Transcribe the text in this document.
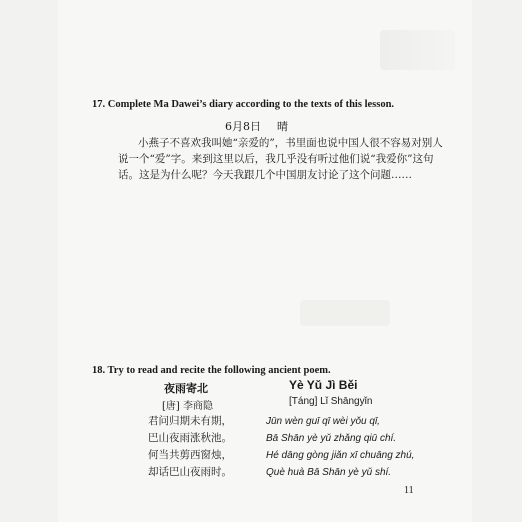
17. Complete Ma Dawei’s diary according to the texts of this lesson.
6月8日 晴
小燕子不喜欢我叫她“亲爱的”，书里面也说中国人很不容易对别人
说一个“爱”字。来到这里以后，我几乎没有听过他们说“我爱你”这句
话。这是为什么呢？今天我跟几个中国朋友讨论了这个问题……
18. Try to read and recite the following ancient poem.
夜雨寄北	Yè Yǔ Jì Běi
[唐] 李商隐	[Táng] Lǐ Shāngyǐn
君问归期未有期，
巴山夜雨涨秋池。
何当共剪西窗烛，
却话巴山夜雨时。
Jūn wèn guī qī wèi yǒu qī,
Bā Shān yè yǔ zhǎng qiū chí.
Hé dāng gòng jiǎn xī chuāng zhú,
Què huà Bā Shān yè yǔ shí.
11
